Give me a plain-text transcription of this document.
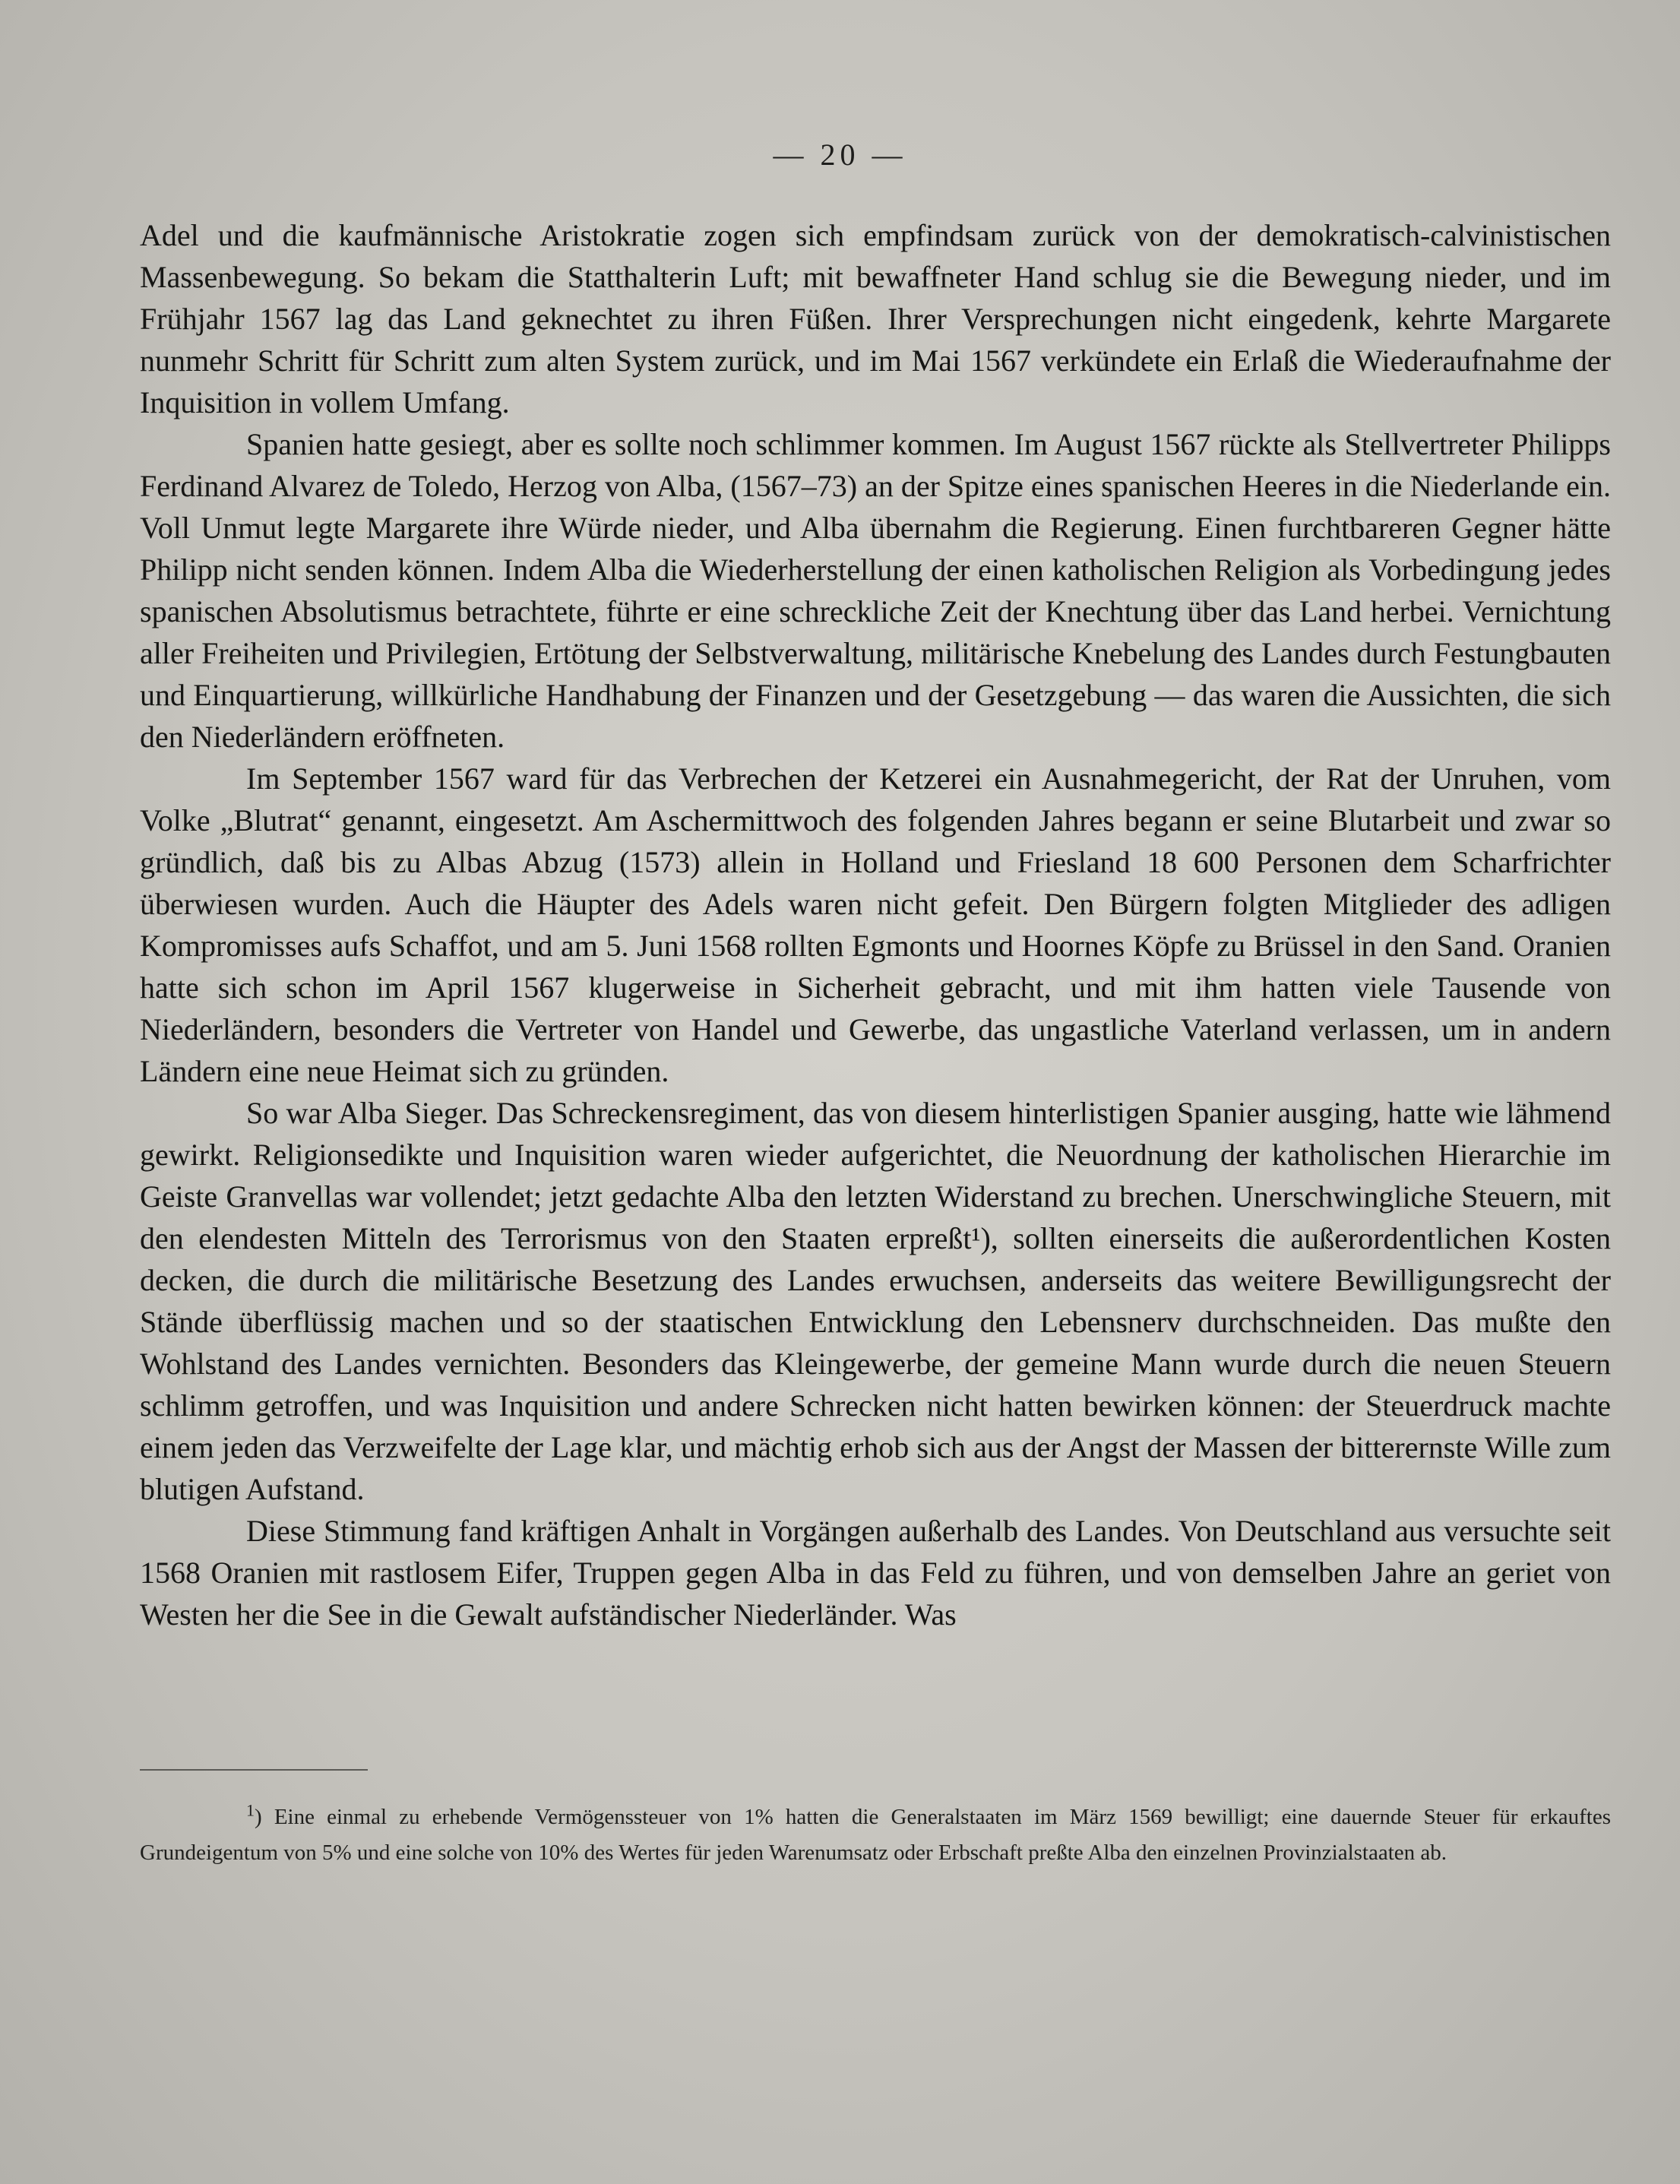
— 20 —

Adel und die kaufmännische Aristokratie zogen sich empfindsam zurück von der demokratisch-calvinistischen Massenbewegung. So bekam die Statthalterin Luft; mit bewaffneter Hand schlug sie die Bewegung nieder, und im Frühjahr 1567 lag das Land geknechtet zu ihren Füßen. Ihrer Versprechungen nicht eingedenk, kehrte Margarete nunmehr Schritt für Schritt zum alten System zurück, und im Mai 1567 verkündete ein Erlaß die Wiederaufnahme der Inquisition in vollem Umfang.

Spanien hatte gesiegt, aber es sollte noch schlimmer kommen. Im August 1567 rückte als Stellvertreter Philipps Ferdinand Alvarez de Toledo, Herzog von Alba, (1567–73) an der Spitze eines spanischen Heeres in die Niederlande ein. Voll Unmut legte Margarete ihre Würde nieder, und Alba übernahm die Regierung. Einen furchtbareren Gegner hätte Philipp nicht senden können. Indem Alba die Wiederherstellung der einen katholischen Religion als Vorbedingung jedes spanischen Absolutismus betrachtete, führte er eine schreckliche Zeit der Knechtung über das Land herbei. Vernichtung aller Freiheiten und Privilegien, Ertötung der Selbstverwaltung, militärische Knebelung des Landes durch Festungbauten und Einquartierung, willkürliche Handhabung der Finanzen und der Gesetzgebung — das waren die Aussichten, die sich den Niederländern eröffneten.

Im September 1567 ward für das Verbrechen der Ketzerei ein Ausnahmegericht, der Rat der Unruhen, vom Volke „Blutrat“ genannt, eingesetzt. Am Aschermittwoch des folgenden Jahres begann er seine Blutarbeit und zwar so gründlich, daß bis zu Albas Abzug (1573) allein in Holland und Friesland 18 600 Personen dem Scharfrichter überwiesen wurden. Auch die Häupter des Adels waren nicht gefeit. Den Bürgern folgten Mitglieder des adligen Kompromisses aufs Schaffot, und am 5. Juni 1568 rollten Egmonts und Hoornes Köpfe zu Brüssel in den Sand. Oranien hatte sich schon im April 1567 klugerweise in Sicherheit gebracht, und mit ihm hatten viele Tausende von Niederländern, besonders die Vertreter von Handel und Gewerbe, das ungastliche Vaterland verlassen, um in andern Ländern eine neue Heimat sich zu gründen.

So war Alba Sieger. Das Schreckensregiment, das von diesem hinterlistigen Spanier ausging, hatte wie lähmend gewirkt. Religionsedikte und Inquisition waren wieder aufgerichtet, die Neuordnung der katholischen Hierarchie im Geiste Granvellas war vollendet; jetzt gedachte Alba den letzten Widerstand zu brechen. Unerschwingliche Steuern, mit den elendesten Mitteln des Terrorismus von den Staaten erpreßt¹), sollten einerseits die außerordentlichen Kosten decken, die durch die militärische Besetzung des Landes erwuchsen, anderseits das weitere Bewilligungsrecht der Stände überflüssig machen und so der staatischen Entwicklung den Lebensnerv durchschneiden. Das mußte den Wohlstand des Landes vernichten. Besonders das Kleingewerbe, der gemeine Mann wurde durch die neuen Steuern schlimm getroffen, und was Inquisition und andere Schrecken nicht hatten bewirken können: der Steuerdruck machte einem jeden das Verzweifelte der Lage klar, und mächtig erhob sich aus der Angst der Massen der bitterernste Wille zum blutigen Aufstand.

Diese Stimmung fand kräftigen Anhalt in Vorgängen außerhalb des Landes. Von Deutschland aus versuchte seit 1568 Oranien mit rastlosem Eifer, Truppen gegen Alba in das Feld zu führen, und von demselben Jahre an geriet von Westen her die See in die Gewalt aufständischer Niederländer. Was

$^1$) Eine einmal zu erhebende Vermögenssteuer von 1% hatten die Generalstaaten im März 1569 bewilligt; eine dauernde Steuer für erkauftes Grundeigentum von 5% und eine solche von 10% des Wertes für jeden Warenumsatz oder Erbschaft preßte Alba den einzelnen Provinzialstaaten ab.
